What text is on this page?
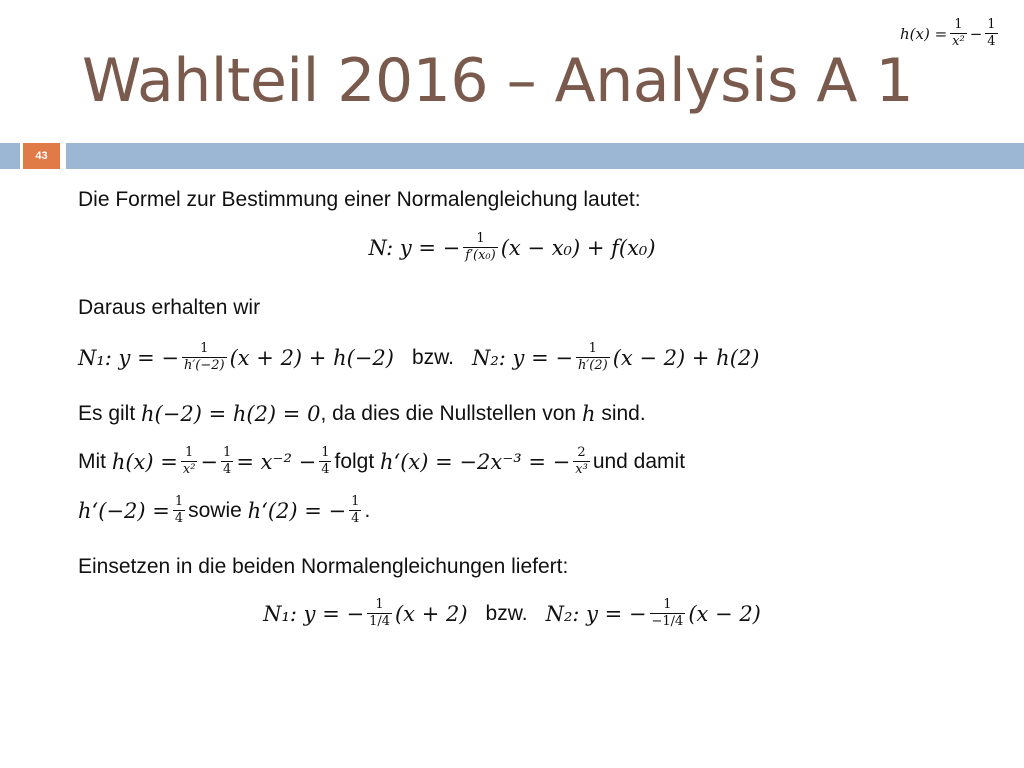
Wahlteil 2016 – Analysis A 1
$h(x) = \frac{1}{\text{x²}} - \frac{1}{4}$
43
Die Formel zur Bestimmung einer Normalengleichung lautet:
N: y = − $\frac{1}{\text{f′(x₀)}} (x - x_0) + f(x_0)$
Daraus erhalten wir
N₁: y = − $\frac{1}{h'(-2)} (x + 2) + h(-2)$ bzw. N₂: y = − $\frac{1}{h'(2)} (x - 2) + h(2)$
Es gilt
h(−2) = h(2) = 0 , da dies die Nullstellen von
h
sind.
Mit
$h(x) = \frac{1}{\text{x²}} - \frac{1}{4} = x^{-2} - \frac{1}{4}$ folgt
h‘(x) = −2x⁻³ = − $\frac{2}{\text{x³}}$ und damit
h‘(−2) = $\frac{1}{4}$ sowie
h‘(2) = − $\frac{1}{4}$ .
Einsetzen in die beiden Normalengleichungen liefert:
N₁: y = − $\frac{1}{1/4} (x + 2)$ bzw. N₂: y = − $\frac{1}{-1/4} (x - 2)$
